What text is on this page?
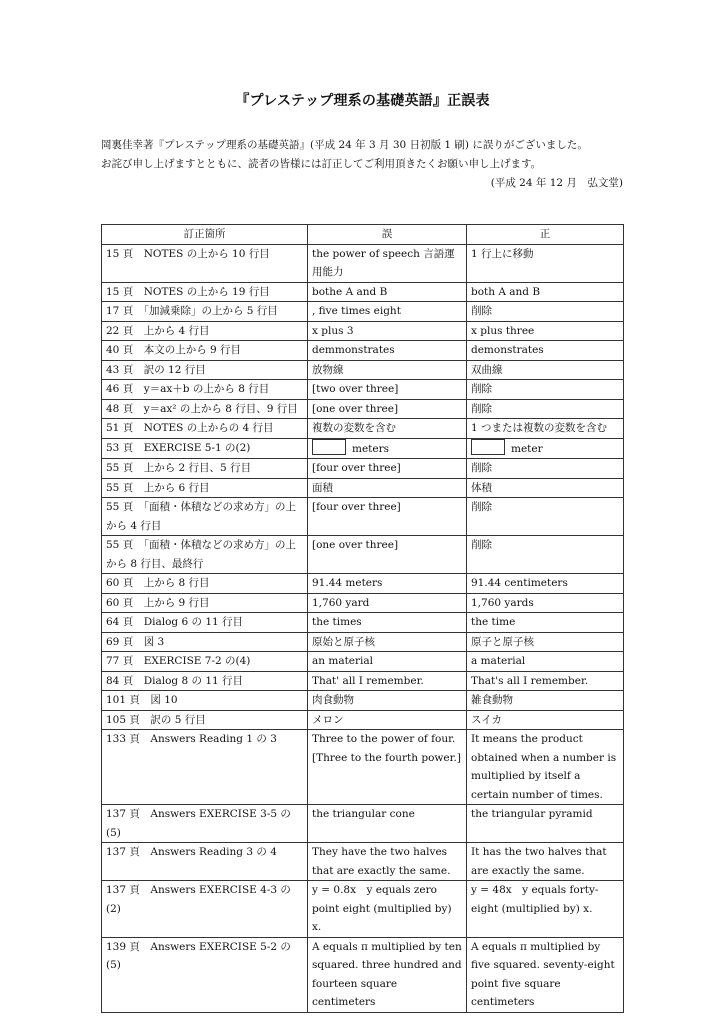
『プレステップ理系の基礎英語』正誤表
岡裏佳幸著『プレステップ理系の基礎英語』(平成 24 年 3 月 30 日初版 1 刷) に誤りがございました。
お詫び申し上げますとともに、読者の皆様には訂正してご利用頂きたくお願い申し上げます。
(平成 24 年 12 月　弘文堂)
訂正箇所	誤	正
15 頁　NOTES の上から 10 行目	the power of speech 言語運用能力	1 行上に移動
15 頁　NOTES の上から 19 行目	bothe A and B	both A and B
17 頁　「加減乗除」の上から 5 行目	, five times eight	削除
22 頁　上から 4 行目	x plus 3	x plus three
40 頁　本文の上から 9 行目	demmonstrates	demonstrates
43 頁　訳の 12 行目	放物線	双曲線
46 頁　y＝ax＋b の上から 8 行目	[two over three]	削除
48 頁　y＝ax² の上から 8 行目、9 行目	[one over three]	削除
51 頁　NOTES の上からの 4 行目	複数の変数を含む	1 つまたは複数の変数を含む
53 頁　EXERCISE 5-1 の(2)	meters	meter
55 頁　上から 2 行目、5 行目	[four over three]	削除
55 頁　上から 6 行目	面積	体積
55 頁　「面積・体積などの求め方」の上から 4 行目	[four over three]	削除
55 頁　「面積・体積などの求め方」の上から 8 行目、最終行	[one over three]	削除
60 頁　上から 8 行目	91.44 meters	91.44 centimeters
60 頁　上から 9 行目	1,760 yard	1,760 yards
64 頁　Dialog 6 の 11 行目	the times	the time
69 頁　図 3	原始と原子核	原子と原子核
77 頁　EXERCISE 7-2 の(4)	an material	a material
84 頁　Dialog 8 の 11 行目	That' all I remember.	That's all I remember.
101 頁　図 10	肉食動物	雑食動物
105 頁　訳の 5 行目	メロン	スイカ
133 頁　Answers Reading 1 の 3	Three to the power of four. [Three to the fourth power.]	It means the product obtained when a number is multiplied by itself a certain number of times.
137 頁　Answers EXERCISE 3-5 の(5)	the triangular cone	the triangular pyramid
137 頁　Answers Reading 3 の 4	They have the two halves that are exactly the same.	It has the two halves that are exactly the same.
137 頁　Answers EXERCISE 4-3 の(2)	y = 0.8x　y equals zero point eight (multiplied by) x.	y = 48x　y equals forty-eight (multiplied by) x.
139 頁　Answers EXERCISE 5-2 の(5)	A equals π multiplied by ten squared. three hundred and fourteen square centimeters	A equals π multiplied by five squared. seventy-eight point five square centimeters
